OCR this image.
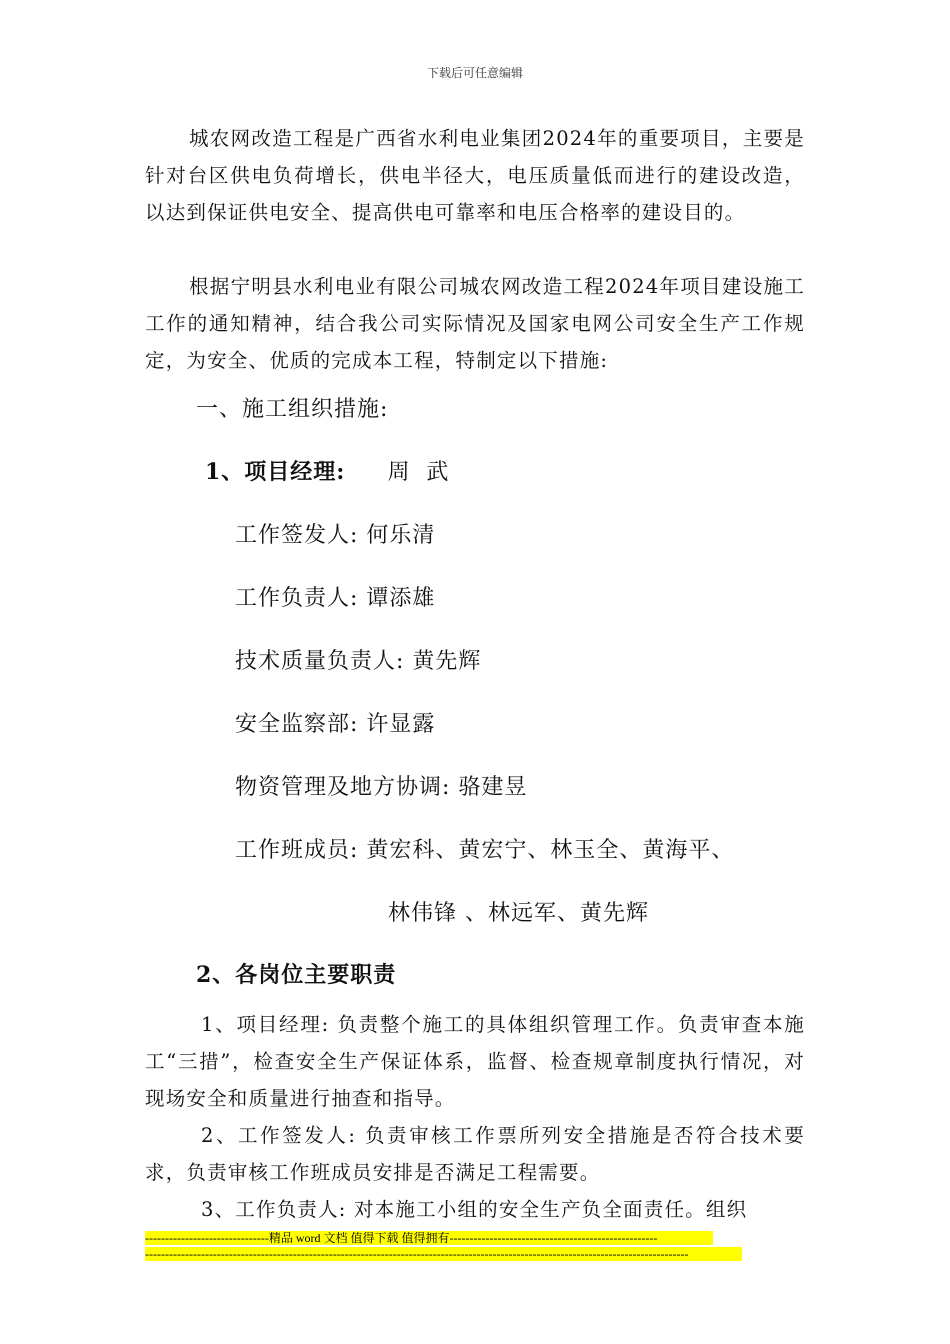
下载后可任意编辑

城农网改造工程是广西省水利电业集团2024年的重要项目，主要是针对台区供电负荷增长，供电半径大，电压质量低而进行的建设改造，以达到保证供电安全、提高供电可靠率和电压合格率的建设目的。

根据宁明县水利电业有限公司城农网改造工程2024年项目建设施工工作的通知精神，结合我公司实际情况及国家电网公司安全生产工作规定，为安全、优质的完成本工程，特制定以下措施:

一、施工组织措施:

1、项目经理: 周  武

工作签发人: 何乐清

工作负责人: 谭添雄

技术质量负责人: 黄先辉

安全监察部: 许显露

物资管理及地方协调: 骆建昱

工作班成员: 黄宏科、黄宏宁、林玉全、黄海平、

林伟锋 、林远军、黄先辉

2、各岗位主要职责

1、项目经理: 负责整个施工的具体组织管理工作。负责审查本施工“三措”，检查安全生产保证体系，监督、检查规章制度执行情况，对现场安全和质量进行抽查和指导。

2、工作签发人: 负责审核工作票所列安全措施是否符合技术要求，负责审核工作班成员安排是否满足工程需要。

3、工作负责人: 对本施工小组的安全生产负全面责任。组织

-------------------------------精品 word 文档 值得下载 值得拥有----------------------------------------------------
----------------------------------------------------------------------------------------------------------------------------------------
